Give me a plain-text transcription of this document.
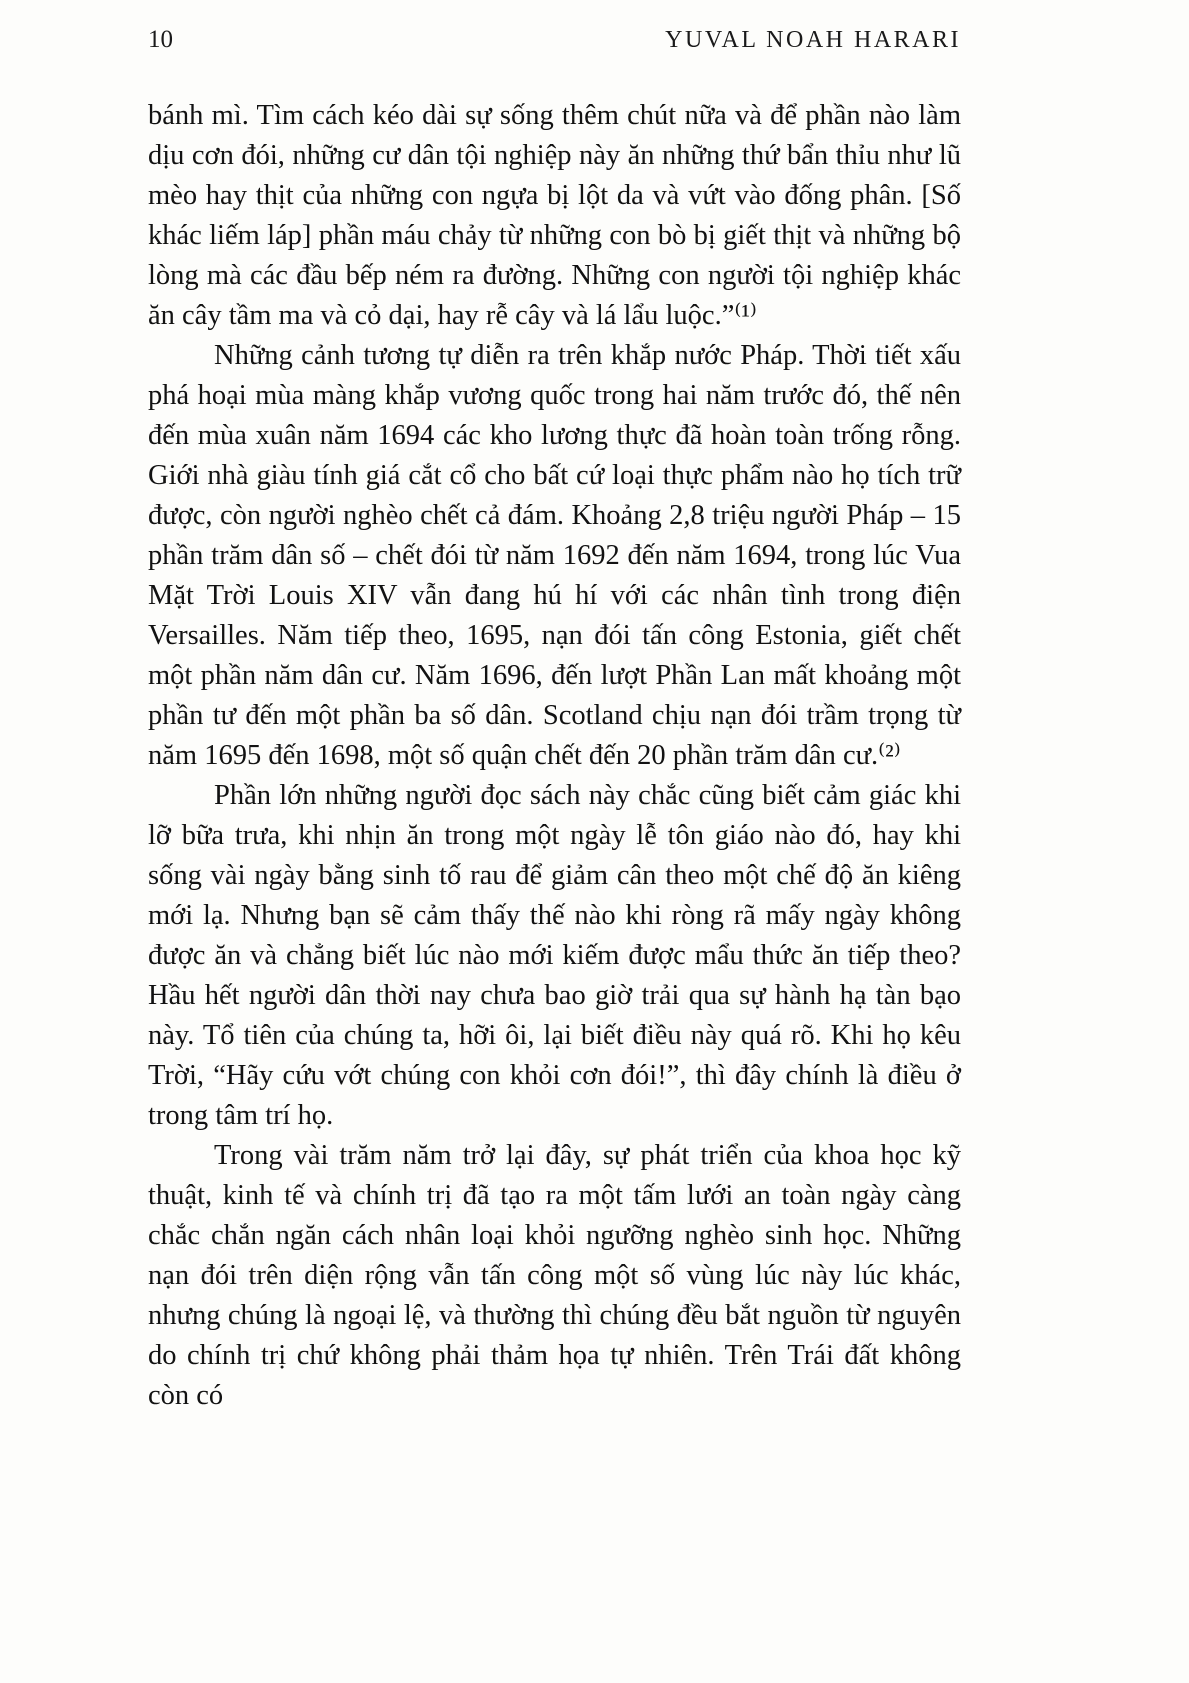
10	YUVAL NOAH HARARI

bánh mì. Tìm cách kéo dài sự sống thêm chút nữa và để phần nào làm dịu cơn đói, những cư dân tội nghiệp này ăn những thứ bẩn thỉu như lũ mèo hay thịt của những con ngựa bị lột da và vứt vào đống phân. [Số khác liếm láp] phần máu chảy từ những con bò bị giết thịt và những bộ lòng mà các đầu bếp ném ra đường. Những con người tội nghiệp khác ăn cây tầm ma và cỏ dại, hay rễ cây và lá lẩu luộc.”⁽¹⁾

Những cảnh tương tự diễn ra trên khắp nước Pháp. Thời tiết xấu phá hoại mùa màng khắp vương quốc trong hai năm trước đó, thế nên đến mùa xuân năm 1694 các kho lương thực đã hoàn toàn trống rỗng. Giới nhà giàu tính giá cắt cổ cho bất cứ loại thực phẩm nào họ tích trữ được, còn người nghèo chết cả đám. Khoảng 2,8 triệu người Pháp – 15 phần trăm dân số – chết đói từ năm 1692 đến năm 1694, trong lúc Vua Mặt Trời Louis XIV vẫn đang hú hí với các nhân tình trong điện Versailles. Năm tiếp theo, 1695, nạn đói tấn công Estonia, giết chết một phần năm dân cư. Năm 1696, đến lượt Phần Lan mất khoảng một phần tư đến một phần ba số dân. Scotland chịu nạn đói trầm trọng từ năm 1695 đến 1698, một số quận chết đến 20 phần trăm dân cư.⁽²⁾

Phần lớn những người đọc sách này chắc cũng biết cảm giác khi lỡ bữa trưa, khi nhịn ăn trong một ngày lễ tôn giáo nào đó, hay khi sống vài ngày bằng sinh tố rau để giảm cân theo một chế độ ăn kiêng mới lạ. Nhưng bạn sẽ cảm thấy thế nào khi ròng rã mấy ngày không được ăn và chẳng biết lúc nào mới kiếm được mẩu thức ăn tiếp theo? Hầu hết người dân thời nay chưa bao giờ trải qua sự hành hạ tàn bạo này. Tổ tiên của chúng ta, hỡi ôi, lại biết điều này quá rõ. Khi họ kêu Trời, “Hãy cứu vớt chúng con khỏi cơn đói!”, thì đây chính là điều ở trong tâm trí họ.

Trong vài trăm năm trở lại đây, sự phát triển của khoa học kỹ thuật, kinh tế và chính trị đã tạo ra một tấm lưới an toàn ngày càng chắc chắn ngăn cách nhân loại khỏi ngưỡng nghèo sinh học. Những nạn đói trên diện rộng vẫn tấn công một số vùng lúc này lúc khác, nhưng chúng là ngoại lệ, và thường thì chúng đều bắt nguồn từ nguyên do chính trị chứ không phải thảm họa tự nhiên. Trên Trái đất không còn có
